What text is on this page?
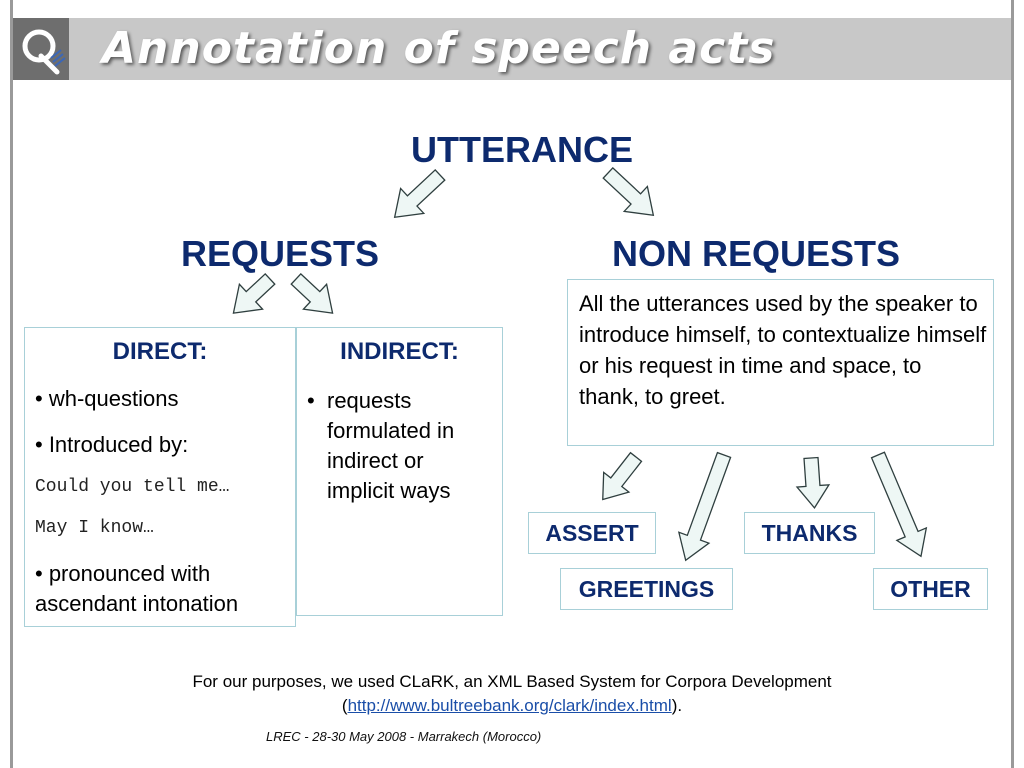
Annotation of speech acts
UTTERANCE
REQUESTS	NON REQUESTS
INDIRECT:
• requests formulated in indirect or implicit ways
DIRECT:
• wh-questions
• Introduced by:
Could you tell me…
May I know…
• pronounced with ascendant intonation
All the utterances used by the speaker to introduce himself, to contextualize himself or his request in time and space, to thank, to greet.
ASSERT	THANKS
GREETINGS	OTHER
For our purposes, we used CLaRK, an XML Based System for Corpora Development
(http://www.bultreebank.org/clark/index.html).
LREC - 28-30 May 2008 - Marrakech (Morocco)
